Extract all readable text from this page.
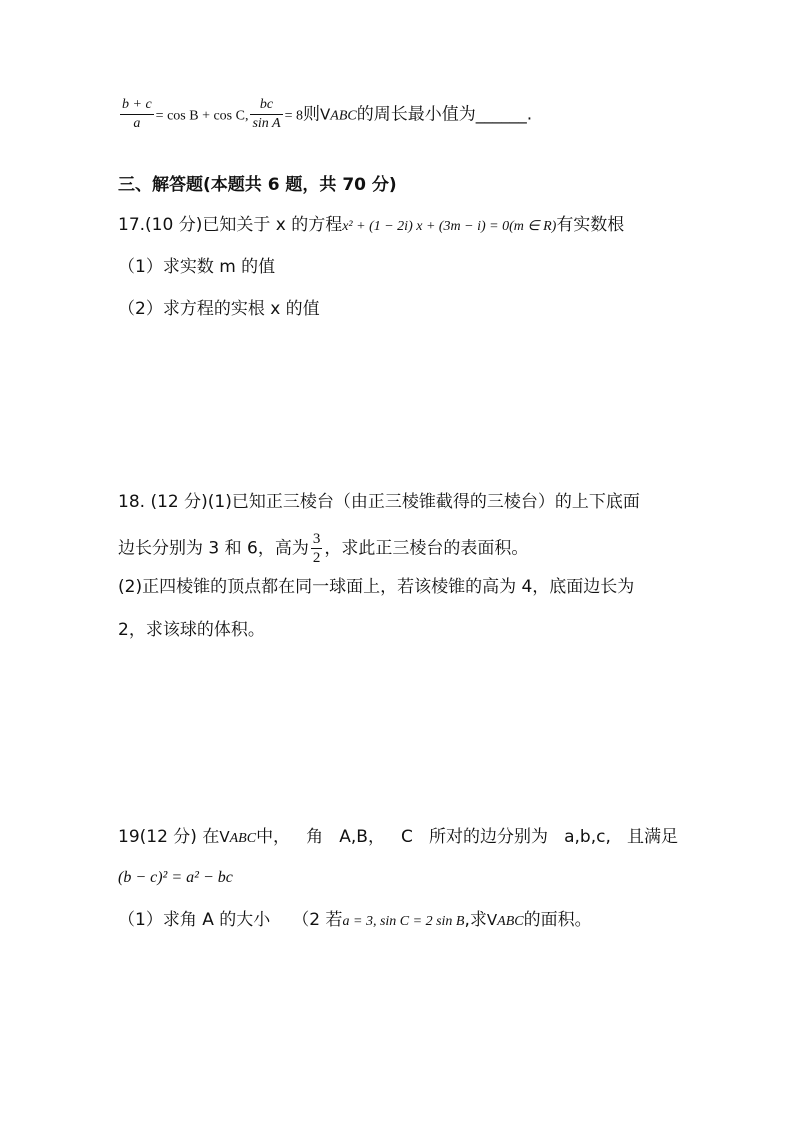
$\frac{b + c}{a} = \cos B + \cos C$, $\frac{bc}{\text{sin A}} = 8$则VABC的周长最小值为______.
三、解答题(本题共 6 题，共 70 分)
17.(10 分)已知关于 x 的方程x² + (1 − 2i) x + (3m − i) = 0(m ∈ R)有实数根
（1）求实数 m 的值
（2）求方程的实根 x 的值
18. (12 分)(1)已知正三棱台（由正三棱锥截得的三棱台）的上下底面
边长分别为 3 和 6，高为 $\frac{3}{2}$ ，求此正三棱台的表面积。
(2)正四棱锥的顶点都在同一球面上，若该棱锥的高为 4，底面边长为
2，求该球的体积。
19(12 分) 在VABC中， 角 A,B， C 所对的边分别为 a,b,c, 且满足
(b − c)² = a² − bc
（1）求角 A 的大小 （2 若a = 3, sin C = 2 sin B,求VABC的面积。
